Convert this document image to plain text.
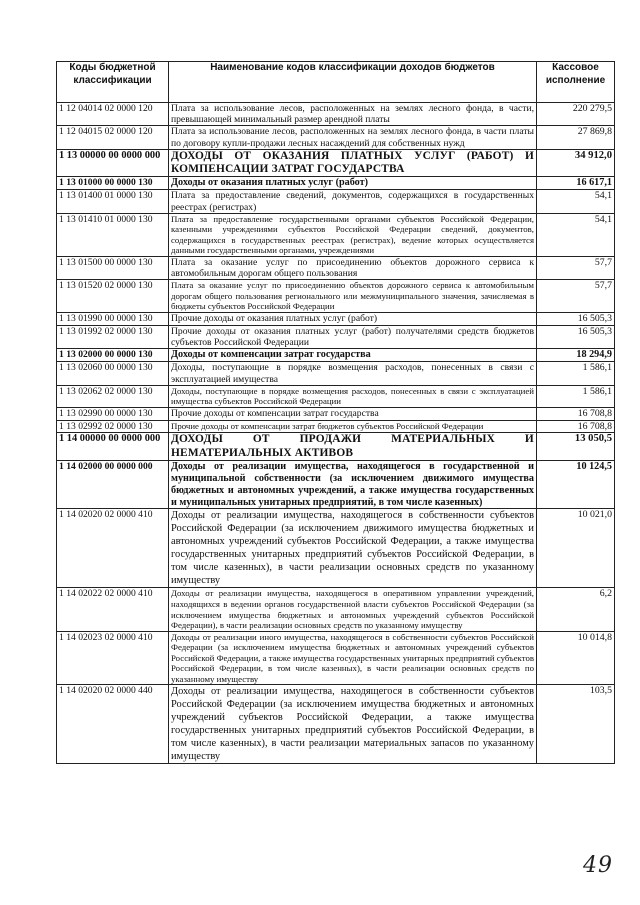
Коды бюджетной классификации	Наименование кодов классификации доходов бюджетов	Кассовое исполнение
1 12 04014 02 0000 120	Плата за использование лесов, расположенных на землях лесного фонда, в части, превышающей минимальный размер арендной платы	220 279,5
1 12 04015 02 0000 120	Плата за использование лесов, расположенных на землях лесного фонда, в части платы по договору купли-продажи лесных насаждений для собственных нужд	27 869,8
1 13 00000 00 0000 000	ДОХОДЫ ОТ ОКАЗАНИЯ ПЛАТНЫХ УСЛУГ (РАБОТ) И КОМПЕНСАЦИИ ЗАТРАТ ГОСУДАРСТВА	34 912,0
1 13 01000 00 0000 130	Доходы от оказания платных услуг (работ)	16 617,1
1 13 01400 01 0000 130	Плата за предоставление сведений, документов, содержащихся в государственных реестрах (регистрах)	54,1
1 13 01410 01 0000 130	Плата за предоставление государственными органами субъектов Российской Федерации, казенными учреждениями субъектов Российской Федерации сведений, документов, содержащихся в государственных реестрах (регистрах), ведение которых осуществляется данными государственными органами, учреждениями	54,1
1 13 01500 00 0000 130	Плата за оказание услуг по присоединению объектов дорожного сервиса к автомобильным дорогам общего пользования	57,7
1 13 01520 02 0000 130	Плата за оказание услуг по присоединению объектов дорожного сервиса к автомобильным дорогам общего пользования регионального или межмуниципального значения, зачисляемая в бюджеты субъектов Российской Федерации	57,7
1 13 01990 00 0000 130	Прочие доходы от оказания платных услуг (работ)	16 505,3
1 13 01992 02 0000 130	Прочие доходы от оказания платных услуг (работ) получателями средств бюджетов субъектов Российской Федерации	16 505,3
1 13 02000 00 0000 130	Доходы от компенсации затрат государства	18 294,9
1 13 02060 00 0000 130	Доходы, поступающие в порядке возмещения расходов, понесенных в связи с эксплуатацией имущества	1 586,1
1 13 02062 02 0000 130	Доходы, поступающие в порядке возмещения расходов, понесенных в связи с эксплуатацией имущества субъектов Российской Федерации	1 586,1
1 13 02990 00 0000 130	Прочие доходы от компенсации затрат государства	16 708,8
1 13 02992 02 0000 130	Прочие доходы от компенсации затрат бюджетов субъектов Российской Федерации	16 708,8
1 14 00000 00 0000 000	ДОХОДЫ ОТ ПРОДАЖИ МАТЕРИАЛЬНЫХ И НЕМАТЕРИАЛЬНЫХ АКТИВОВ	13 050,5
1 14 02000 00 0000 000	Доходы от реализации имущества, находящегося в государственной и муниципальной собственности (за исключением движимого имущества бюджетных и автономных учреждений, а также имущества государственных и муниципальных унитарных предприятий, в том числе казенных)	10 124,5
1 14 02020 02 0000 410	Доходы от реализации имущества, находящегося в собственности субъектов Российской Федерации (за исключением движимого имущества бюджетных и автономных учреждений субъектов Российской Федерации, а также имущества государственных унитарных предприятий субъектов Российской Федерации, в том числе казенных), в части реализации основных средств по указанному имуществу	10 021,0
1 14 02022 02 0000 410	Доходы от реализации имущества, находящегося в оперативном управлении учреждений, находящихся в ведении органов государственной власти субъектов Российской Федерации (за исключением имущества бюджетных и автономных учреждений субъектов Российской Федерации), в части реализации основных средств по указанному имуществу	6,2
1 14 02023 02 0000 410	Доходы от реализации иного имущества, находящегося в собственности субъектов Российской Федерации (за исключением имущества бюджетных и автономных учреждений субъектов Российской Федерации, а также имущества государственных унитарных предприятий субъектов Российской Федерации, в том числе казенных), в части реализации основных средств по указанному имуществу	10 014,8
1 14 02020 02 0000 440	Доходы от реализации имущества, находящегося в собственности субъектов Российской Федерации (за исключением имущества бюджетных и автономных учреждений субъектов Российской Федерации, а также имущества государственных унитарных предприятий субъектов Российской Федерации, в том числе казенных), в части реализации материальных запасов по указанному имуществу	103,5
49
